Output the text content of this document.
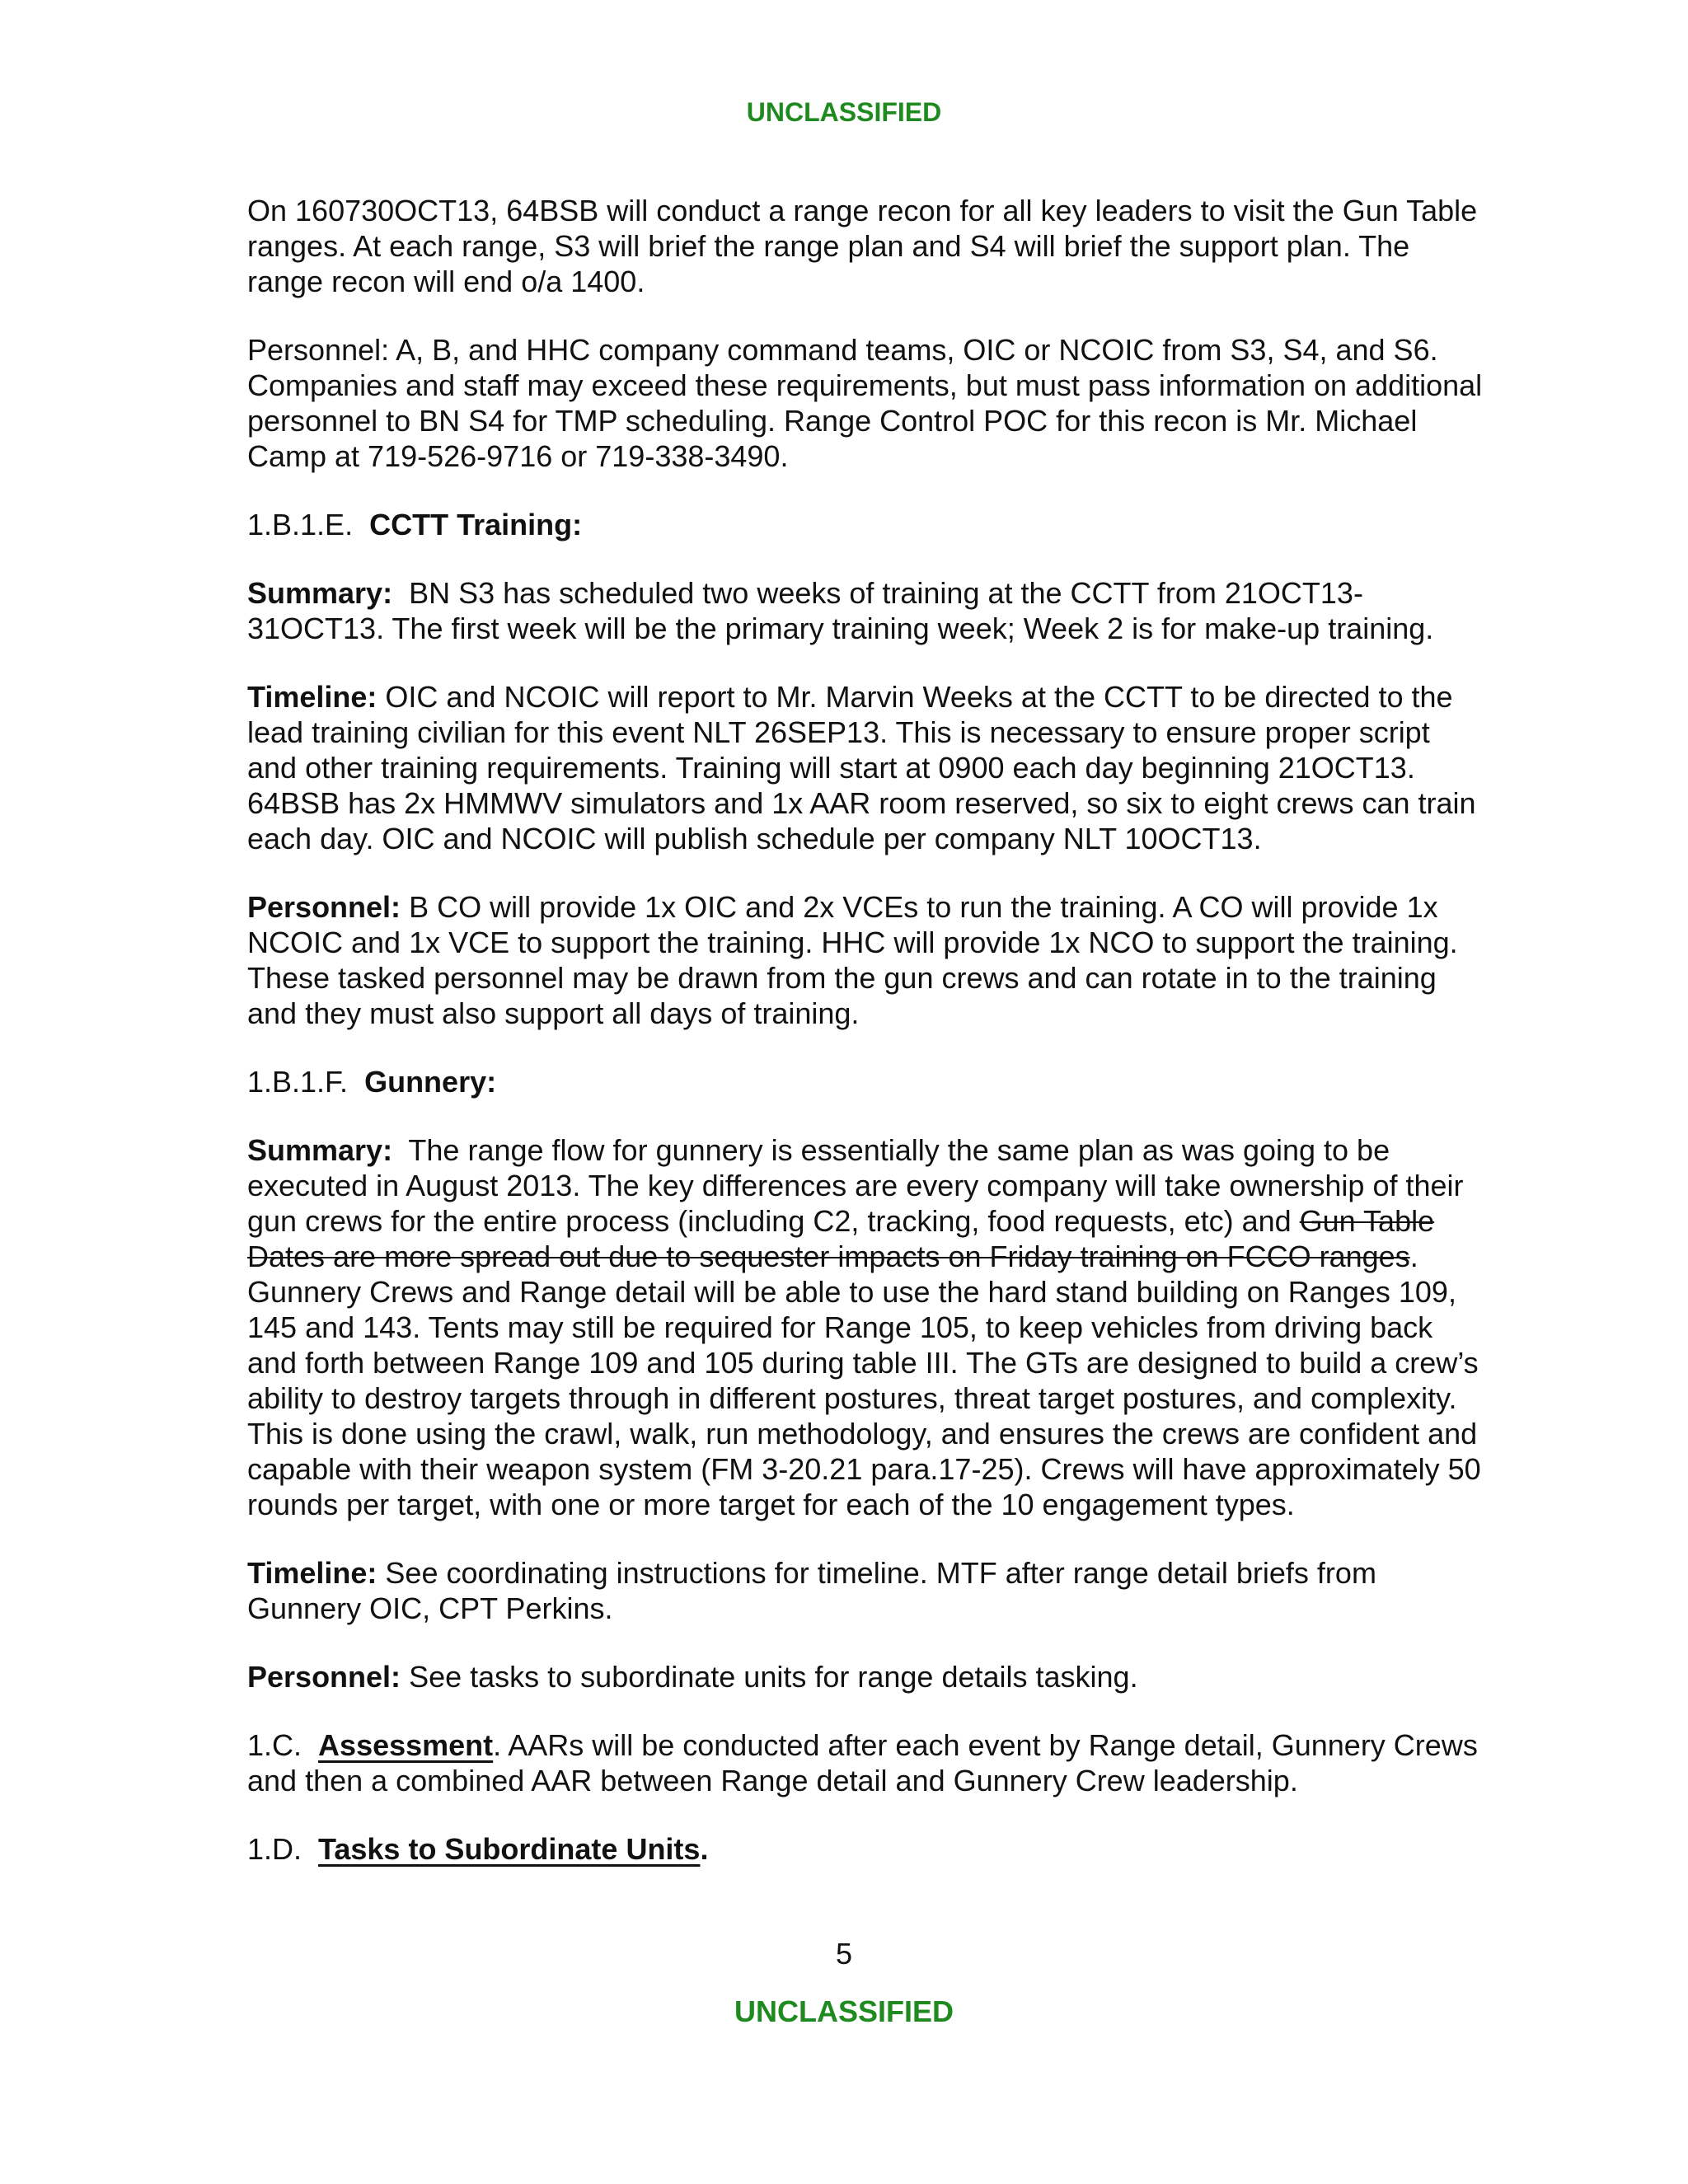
UNCLASSIFIED

On 160730OCT13, 64BSB will conduct a range recon for all key leaders to visit the Gun Table ranges. At each range, S3 will brief the range plan and S4 will brief the support plan. The range recon will end o/a 1400.

Personnel: A, B, and HHC company command teams, OIC or NCOIC from S3, S4, and S6. Companies and staff may exceed these requirements, but must pass information on additional personnel to BN S4 for TMP scheduling. Range Control POC for this recon is Mr. Michael Camp at 719-526-9716 or 719-338-3490.

1.B.1.E. CCTT Training:

Summary: BN S3 has scheduled two weeks of training at the CCTT from 21OCT13-31OCT13. The first week will be the primary training week; Week 2 is for make-up training.

Timeline: OIC and NCOIC will report to Mr. Marvin Weeks at the CCTT to be directed to the lead training civilian for this event NLT 26SEP13. This is necessary to ensure proper script and other training requirements. Training will start at 0900 each day beginning 21OCT13. 64BSB has 2x HMMWV simulators and 1x AAR room reserved, so six to eight crews can train each day. OIC and NCOIC will publish schedule per company NLT 10OCT13.

Personnel: B CO will provide 1x OIC and 2x VCEs to run the training. A CO will provide 1x NCOIC and 1x VCE to support the training. HHC will provide 1x NCO to support the training. These tasked personnel may be drawn from the gun crews and can rotate in to the training and they must also support all days of training.

1.B.1.F. Gunnery:

Summary: The range flow for gunnery is essentially the same plan as was going to be executed in August 2013. The key differences are every company will take ownership of their gun crews for the entire process (including C2, tracking, food requests, etc) and Gun Table Dates are more spread out due to sequester impacts on Friday training on FCCO ranges. Gunnery Crews and Range detail will be able to use the hard stand building on Ranges 109, 145 and 143. Tents may still be required for Range 105, to keep vehicles from driving back and forth between Range 109 and 105 during table III. The GTs are designed to build a crew’s ability to destroy targets through in different postures, threat target postures, and complexity. This is done using the crawl, walk, run methodology, and ensures the crews are confident and capable with their weapon system (FM 3-20.21 para.17-25). Crews will have approximately 50 rounds per target, with one or more target for each of the 10 engagement types.

Timeline: See coordinating instructions for timeline. MTF after range detail briefs from Gunnery OIC, CPT Perkins.

Personnel: See tasks to subordinate units for range details tasking.

1.C. Assessment. AARs will be conducted after each event by Range detail, Gunnery Crews and then a combined AAR between Range detail and Gunnery Crew leadership.

1.D. Tasks to Subordinate Units.

5
UNCLASSIFIED
